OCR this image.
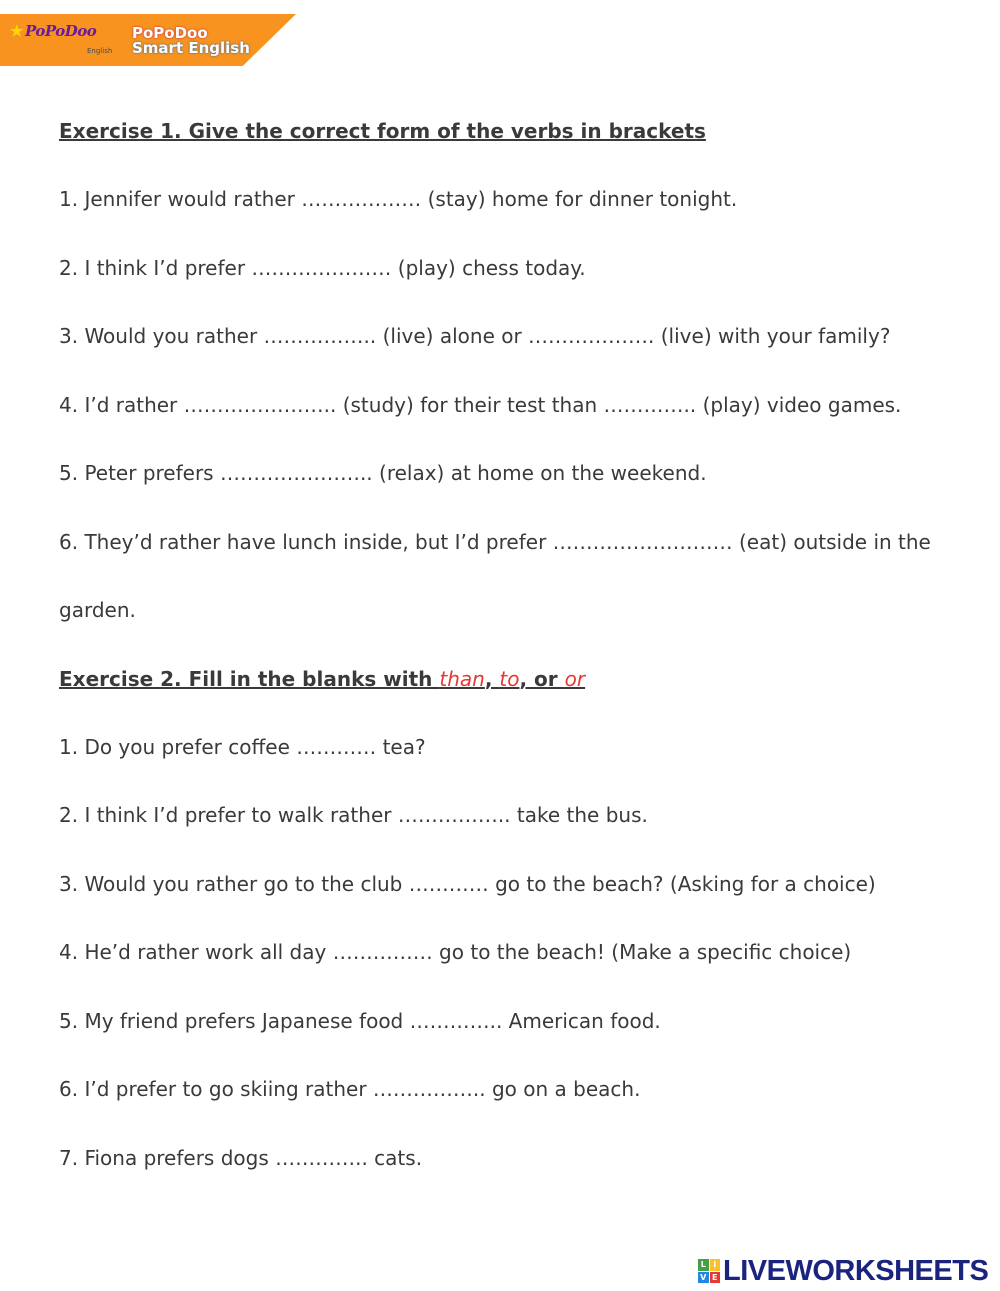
★ PoPoDoo
English
PoPoDoo
Smart English
Exercise 1. Give the correct form of the verbs in brackets
1. Jennifer would rather ……………… (stay) home for dinner tonight.
2. I think I’d prefer ………………… (play) chess today.
3. Would you rather …………….. (live) alone or ………………. (live) with your family?
4. I’d rather ………………….. (study) for their test than ………….. (play) video games.
5. Peter prefers ………………….. (relax) at home on the weekend.
6. They’d rather have lunch inside, but I’d prefer ……………………… (eat) outside in the
garden.
Exercise 2. Fill in the blanks with than, to, or or
1. Do you prefer coffee ………… tea?
2. I think I’d prefer to walk rather …………….. take the bus.
3. Would you rather go to the club ………… go to the beach? (Asking for a choice)
4. He’d rather work all day …………… go to the beach! (Make a specific choice)
5. My friend prefers Japanese food ………….. American food.
6. I’d prefer to go skiing rather …………….. go on a beach.
7. Fiona prefers dogs ………….. cats.
L I
V E LIVEWORKSHEETS
